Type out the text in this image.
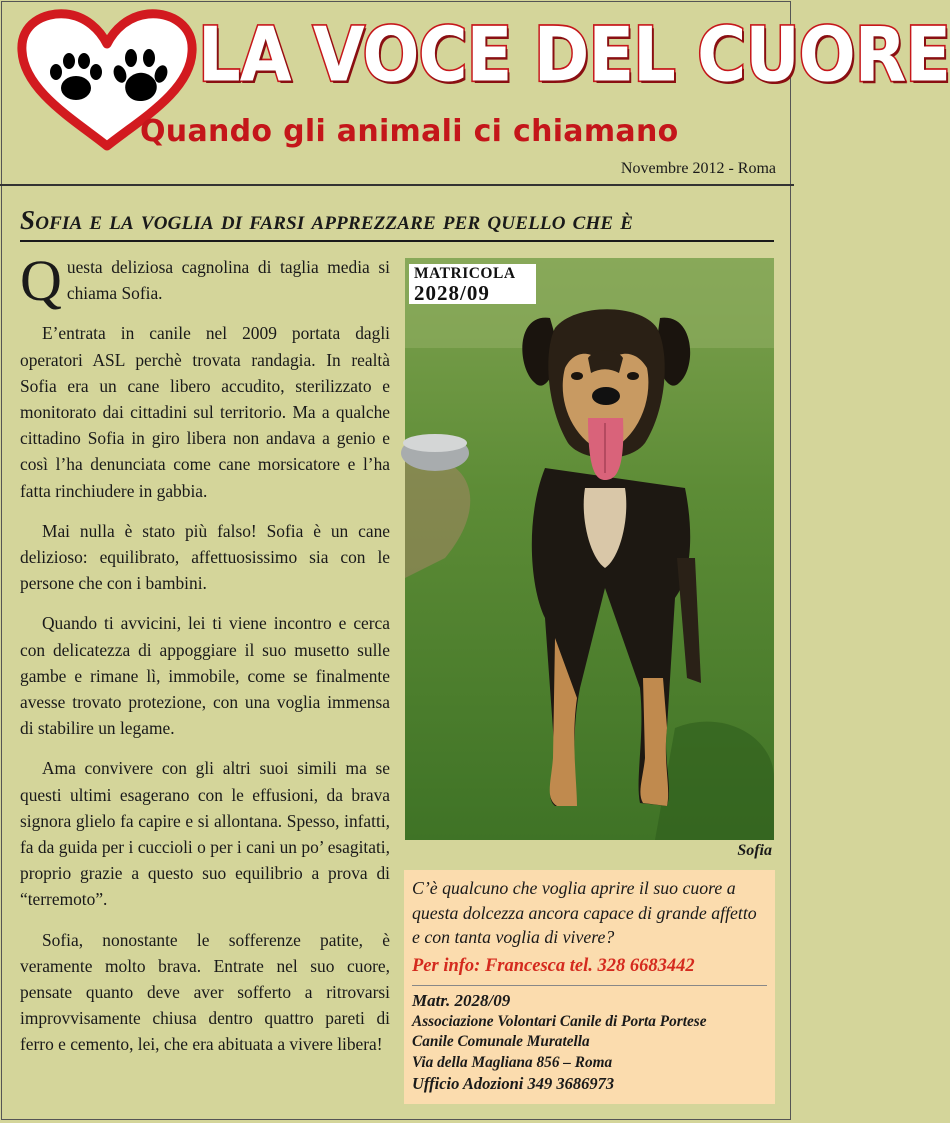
LA VOCE DEL CUORE
Quando gli animali ci chiamano
Novembre 2012 - Roma
Sofia e la voglia di farsi apprezzare per quello che è

Questa deliziosa cagnolina di taglia media si chiama Sofia.

E’entrata in canile nel 2009 portata dagli operatori ASL perchè trovata randagia. In realtà Sofia era un cane libero accudito, sterilizzato e monitorato dai cittadini sul territorio. Ma a qualche cittadino Sofia in giro libera non andava a genio e così l’ha denunciata come cane morsicatore e l’ha fatta rinchiudere in gabbia.

Mai nulla è stato più falso! Sofia è un cane delizioso: equilibrato, affettuosissimo sia con le persone che con i bambini.

Quando ti avvicini, lei ti viene incontro e cerca con delicatezza di appoggiare il suo musetto sulle gambe e rimane lì, immobile, come se finalmente avesse trovato protezione, con una voglia immensa di stabilire un legame.

Ama convivere con gli altri suoi simili ma se questi ultimi esagerano con le effusioni, da brava signora glielo fa capire e si allontana. Spesso, infatti, fa da guida per i cuccioli o per i cani un po’ esagitati, proprio grazie a questo suo equilibrio a prova di “terremoto”.

Sofia, nonostante le sofferenze patite, è veramente molto brava. Entrate nel suo cuore, pensate quanto deve aver sofferto a ritrovarsi improvvisamente chiusa dentro quattro pareti di ferro e cemento, lei, che era abituata a vivere libera!

MATRICOLA
2028/09
Sofia
C’è qualcuno che voglia aprire il suo cuore a questa dolcezza ancora capace di grande affetto e con tanta voglia di vivere?
Per info: Francesca tel. 328 6683442
Matr. 2028/09
Associazione Volontari Canile di Porta Portese
Canile Comunale Muratella
Via della Magliana 856 – Roma
Ufficio Adozioni 349 3686973
